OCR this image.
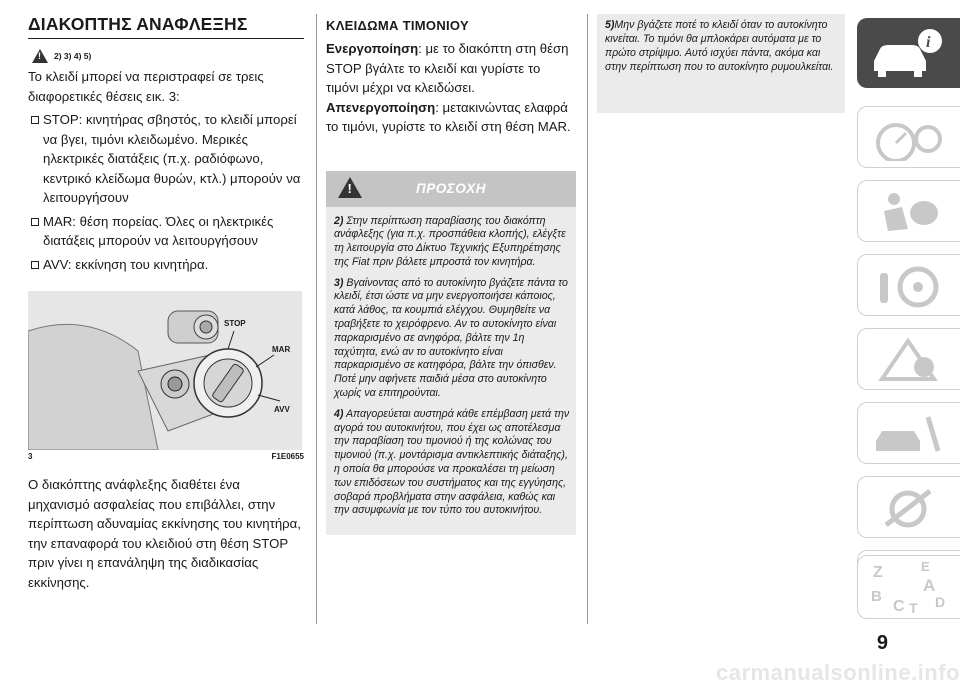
ΔΙΑΚΟΠΤΗΣ ΑΝΑΦΛΕΞΗΣ
!
2) 3) 4) 5)

Το κλειδί μπορεί να περιστραφεί σε τρεις διαφορετικές θέσεις εικ. 3:

STOP: κινητήρας σβηστός, το κλειδί μπορεί να βγει, τιμόνι κλειδωμένο. Μερικές ηλεκτρικές διατάξεις (π.χ. ραδιόφωνο, κεντρικό κλείδωμα θυρών, κτλ.) μπορούν να λειτουργήσουν
MAR: θέση πορείας. Όλες οι ηλεκτρικές διατάξεις μπορούν να λειτουργήσουν
AVV: εκκίνηση του κινητήρα.
STOP
MAR
AVV
3	F1E0655

Ο διακόπτης ανάφλεξης διαθέτει ένα μηχανισμό ασφαλείας που επιβάλλει, στην περίπτωση αδυναμίας εκκίνησης του κινητήρα, την επαναφορά του κλειδιού στη θέση STOP πριν γίνει η επανάληψη της διαδικασίας εκκίνησης.

ΚΛΕΙΔΩΜΑ ΤΙΜΟΝΙΟΥ

Ενεργοποίηση: με το διακόπτη στη θέση STOP βγάλτε το κλειδί και γυρίστε το τιμόνι μέχρι να κλειδώσει.

Απενεργοποίηση: μετακινώντας ελαφρά το τιμόνι, γυρίστε το κλειδί στη θέση MAR.

!	ΠΡΟΣΟΧΗ

2) Στην περίπτωση παραβίασης του διακόπτη ανάφλεξης (για π.χ. προσπάθεια κλοπής), ελέγξτε τη λειτουργία στο Δίκτυο Τεχνικής Εξυπηρέτησης της Fiat πριν βάλετε μπροστά τον κινητήρα.

3) Βγαίνοντας από το αυτοκίνητο βγάζετε πάντα το κλειδί, έτσι ώστε να μην ενεργοποιήσει κάποιος, κατά λάθος, τα κουμπιά ελέγχου. Θυμηθείτε να τραβήξετε το χειρόφρενο. Αν το αυτοκίνητο είναι παρκαρισμένο σε ανηφόρα, βάλτε την 1η ταχύτητα, ενώ αν το αυτοκίνητο είναι παρκαρισμένο σε κατηφόρα, βάλτε την όπισθεν. Ποτέ μην αφήνετε παιδιά μέσα στο αυτοκίνητο χωρίς να επιτηρούνται.

4) Απαγορεύεται αυστηρά κάθε επέμβαση μετά την αγορά του αυτοκινήτου, που έχει ως αποτέλεσμα την παραβίαση του τιμονιού ή της κολώνας του τιμονιού (π.χ. μοντάρισμα αντικλεπτικής διάταξης), η οποία θα μπορούσε να προκαλέσει τη μείωση των επιδόσεων του συστήματος και της εγγύησης, σοβαρά προβλήματα στην ασφάλεια, καθώς και την ασυμφωνία με τον τύπο του αυτοκινήτου.

5)Μην βγάζετε ποτέ το κλειδί όταν το αυτοκίνητο κινείται. Το τιμόνι θα μπλοκάρει αυτόματα με το πρώτο στρίψιμο. Αυτό ισχύει πάντα, ακόμα και στην περίπτωση που το αυτοκίνητο ρυμουλκείται.
i
Z	E
A
B
C T D
9
carmanualsonline.info
